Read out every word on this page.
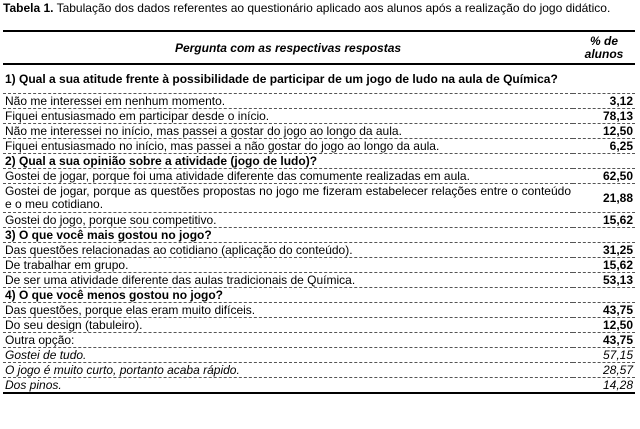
Tabela 1. Tabulação dos dados referentes ao questionário aplicado aos alunos após a realização do jogo didático.
Pergunta com as respectivas respostas	% de
alunos
1) Qual a sua atitude frente à possibilidade de participar de um jogo de ludo na aula de Química?	
Não me interessei em nenhum momento.	3,12
Fiquei entusiasmado em participar desde o início.	78,13
Não me interessei no início, mas passei a gostar do jogo ao longo da aula.	12,50
Fiquei entusiasmado no início, mas passei a não gostar do jogo ao longo da aula.	6,25
2) Qual a sua opinião sobre a atividade (jogo de ludo)?	
Gostei de jogar, porque foi uma atividade diferente das comumente realizadas em aula.	62,50
Gostei de jogar, porque as questões propostas no jogo me fizeram estabelecer relações entre o conteúdo e o meu cotidiano.	21,88
Gostei do jogo, porque sou competitivo.	15,62
3) O que você mais gostou no jogo?	
Das questões relacionadas ao cotidiano (aplicação do conteúdo).	31,25
De trabalhar em grupo.	15,62
De ser uma atividade diferente das aulas tradicionais de Química.	53,13
4) O que você menos gostou no jogo?	
Das questões, porque elas eram muito difíceis.	43,75
Do seu design (tabuleiro).	12,50
Outra opção:	43,75
Gostei de tudo.	57,15
O jogo é muito curto, portanto acaba rápido.	28,57
Dos pinos.	14,28
